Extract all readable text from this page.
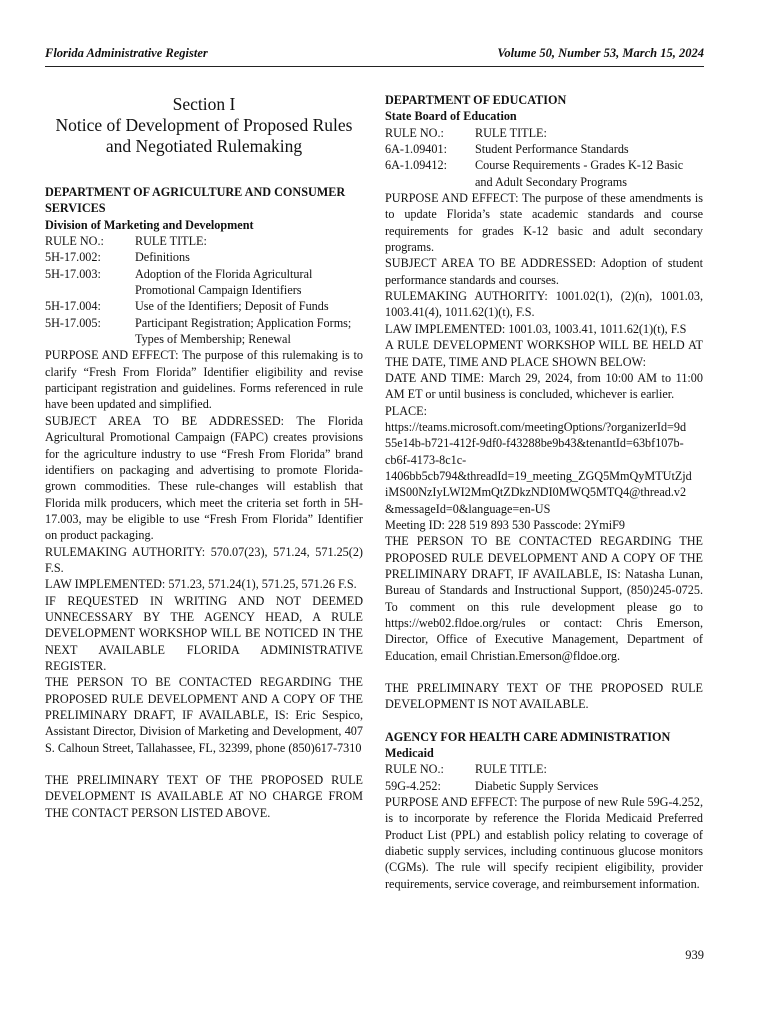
Florida Administrative Register	Volume 50, Number 53, March 15, 2024
Section I
Notice of Development of Proposed Rules
and Negotiated Rulemaking
DEPARTMENT OF AGRICULTURE AND CONSUMER SERVICES
Division of Marketing and Development
RULE NO.:	RULE TITLE:
5H-17.002:	Definitions
5H-17.003:	Adoption of the Florida Agricultural Promotional Campaign Identifiers
5H-17.004:	Use of the Identifiers; Deposit of Funds
5H-17.005:	Participant Registration; Application Forms; Types of Membership; Renewal
PURPOSE AND EFFECT: The purpose of this rulemaking is to clarify “Fresh From Florida” Identifier eligibility and revise participant registration and guidelines. Forms referenced in rule have been updated and simplified.
SUBJECT AREA TO BE ADDRESSED: The Florida Agricultural Promotional Campaign (FAPC) creates provisions for the agriculture industry to use “Fresh From Florida” brand identifiers on packaging and advertising to promote Florida-grown commodities. These rule-changes will establish that Florida milk producers, which meet the criteria set forth in 5H-17.003, may be eligible to use “Fresh From Florida” Identifier on product packaging.
RULEMAKING AUTHORITY: 570.07(23), 571.24, 571.25(2) F.S.
LAW IMPLEMENTED: 571.23, 571.24(1), 571.25, 571.26 F.S.
IF REQUESTED IN WRITING AND NOT DEEMED UNNECESSARY BY THE AGENCY HEAD, A RULE DEVELOPMENT WORKSHOP WILL BE NOTICED IN THE NEXT AVAILABLE FLORIDA ADMINISTRATIVE REGISTER.
THE PERSON TO BE CONTACTED REGARDING THE PROPOSED RULE DEVELOPMENT AND A COPY OF THE PRELIMINARY DRAFT, IF AVAILABLE, IS: Eric Sespico, Assistant Director, Division of Marketing and Development, 407 S. Calhoun Street, Tallahassee, FL, 32399, phone (850)617-7310
THE PRELIMINARY TEXT OF THE PROPOSED RULE DEVELOPMENT IS AVAILABLE AT NO CHARGE FROM THE CONTACT PERSON LISTED ABOVE.
DEPARTMENT OF EDUCATION
State Board of Education
RULE NO.:	RULE TITLE:
6A-1.09401:	Student Performance Standards
6A-1.09412:	Course Requirements - Grades K-12 Basic and Adult Secondary Programs
PURPOSE AND EFFECT: The purpose of these amendments is to update Florida’s state academic standards and course requirements for grades K-12 basic and adult secondary programs.
SUBJECT AREA TO BE ADDRESSED: Adoption of student performance standards and courses.
RULEMAKING AUTHORITY: 1001.02(1), (2)(n), 1001.03, 1003.41(4), 1011.62(1)(t), F.S.
LAW IMPLEMENTED: 1001.03, 1003.41, 1011.62(1)(t), F.S
A RULE DEVELOPMENT WORKSHOP WILL BE HELD AT THE DATE, TIME AND PLACE SHOWN BELOW:
DATE AND TIME: March 29, 2024, from 10:00 AM to 11:00 AM ET or until business is concluded, whichever is earlier.
PLACE:
https://teams.microsoft.com/meetingOptions/?organizerId=9d
55e14b-b721-412f-9df0-f43288be9b43&tenantId=63bf107b-
cb6f-4173-8c1c-
1406bb5cb794&threadId=19_meeting_ZGQ5MmQyMTUtZjd
iMS00NzIyLWI2MmQtZDkzNDI0MWQ5MTQ4@thread.v2
&messageId=0&language=en-US
Meeting ID: 228 519 893 530 Passcode: 2YmiF9
THE PERSON TO BE CONTACTED REGARDING THE PROPOSED RULE DEVELOPMENT AND A COPY OF THE PRELIMINARY DRAFT, IF AVAILABLE, IS: Natasha Lunan, Bureau of Standards and Instructional Support, (850)245-0725. To comment on this rule development please go to https://web02.fldoe.org/rules or contact: Chris Emerson, Director, Office of Executive Management, Department of Education, email Christian.Emerson@fldoe.org.
THE PRELIMINARY TEXT OF THE PROPOSED RULE DEVELOPMENT IS NOT AVAILABLE.
AGENCY FOR HEALTH CARE ADMINISTRATION
Medicaid
RULE NO.:	RULE TITLE:
59G-4.252:	Diabetic Supply Services
PURPOSE AND EFFECT: The purpose of new Rule 59G-4.252, is to incorporate by reference the Florida Medicaid Preferred Product List (PPL) and establish policy relating to coverage of diabetic supply services, including continuous glucose monitors (CGMs). The rule will specify recipient eligibility, provider requirements, service coverage, and reimbursement information.
939
